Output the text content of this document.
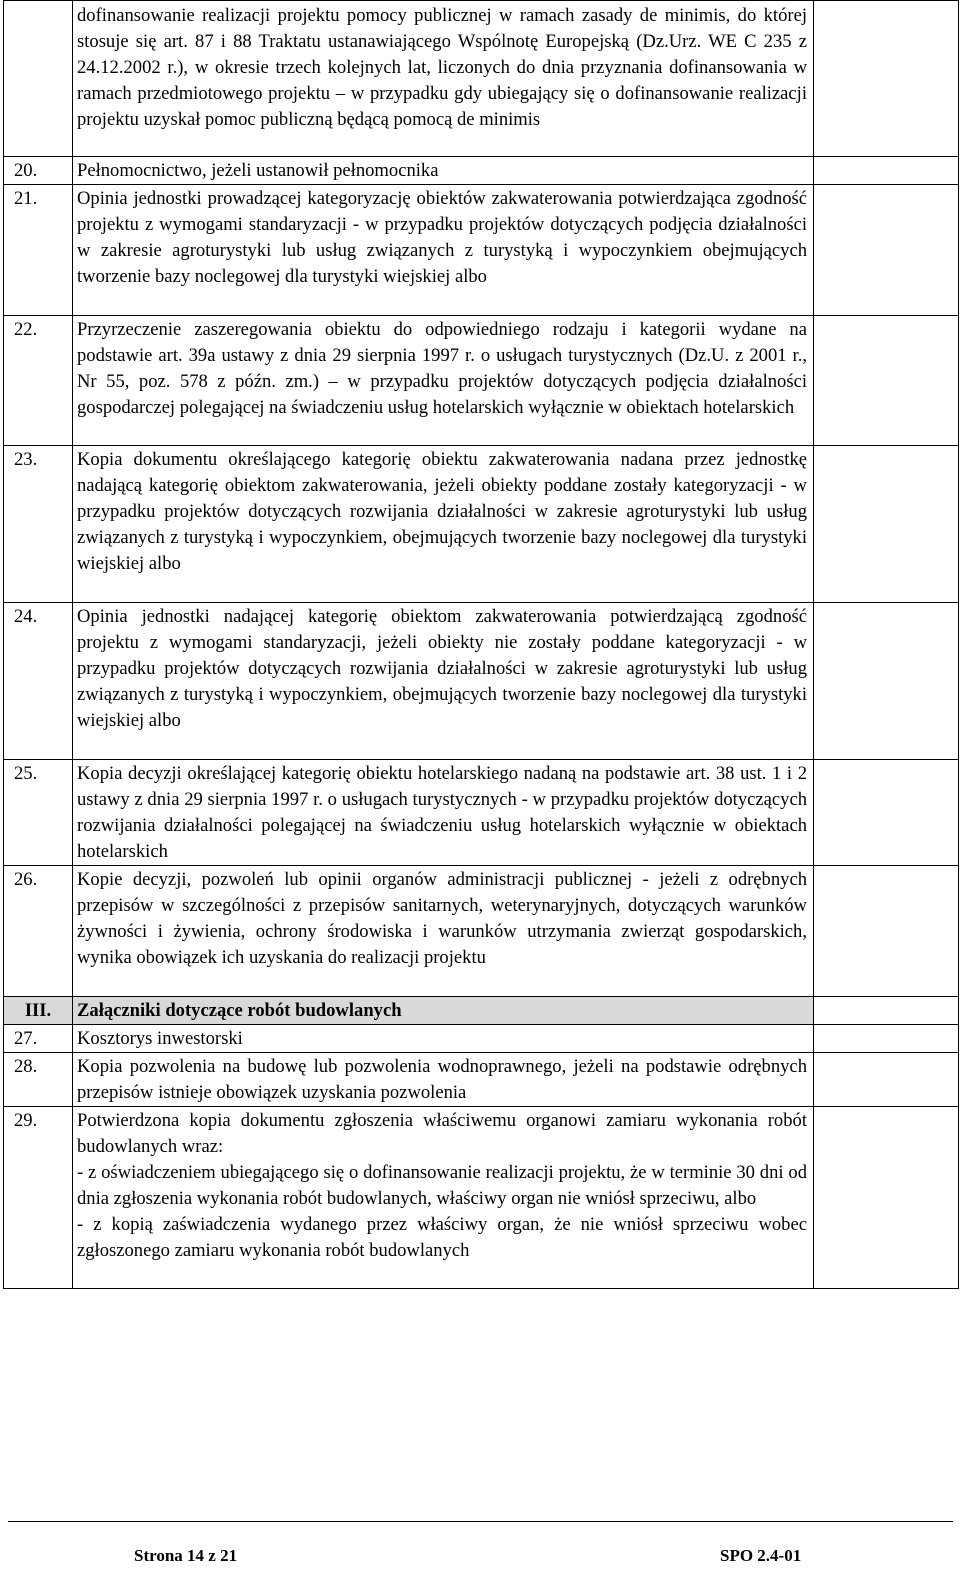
	dofinansowanie realizacji projektu pomocy publicznej w ramach zasady de minimis, do której stosuje się art. 87 i 88 Traktatu ustanawiającego Wspólnotę Europejską (Dz.Urz. WE C 235 z 24.12.2002 r.), w okresie trzech kolejnych lat, liczonych do dnia przyznania dofinansowania w ramach przedmiotowego projektu – w przypadku gdy ubiegający się o dofinansowanie realizacji projektu uzyskał pomoc publiczną będącą pomocą de minimis	
20.	Pełnomocnictwo, jeżeli ustanowił pełnomocnika	
21.	Opinia jednostki prowadzącej kategoryzację obiektów zakwaterowania potwierdzająca zgodność projektu z wymogami standaryzacji - w przypadku projektów dotyczących podjęcia działalności w zakresie agroturystyki lub usług związanych z turystyką i wypoczynkiem obejmujących tworzenie bazy noclegowej dla turystyki wiejskiej albo	
22.	Przyrzeczenie zaszeregowania obiektu do odpowiedniego rodzaju i kategorii wydane na podstawie art. 39a ustawy z dnia 29 sierpnia 1997 r. o usługach turystycznych (Dz.U. z 2001 r., Nr 55, poz. 578 z późn. zm.) – w przypadku projektów dotyczących podjęcia działalności gospodarczej polegającej na świadczeniu usług hotelarskich wyłącznie w obiektach hotelarskich	
23.	Kopia dokumentu określającego kategorię obiektu zakwaterowania nadana przez jednostkę nadającą kategorię obiektom zakwaterowania, jeżeli obiekty poddane zostały kategoryzacji - w przypadku projektów dotyczących rozwijania działalności w zakresie agroturystyki lub usług związanych z turystyką i wypoczynkiem, obejmujących tworzenie bazy noclegowej dla turystyki wiejskiej albo	
24.	Opinia jednostki nadającej kategorię obiektom zakwaterowania potwierdzającą zgodność projektu z wymogami standaryzacji, jeżeli obiekty nie zostały poddane kategoryzacji - w przypadku projektów dotyczących rozwijania działalności w zakresie agroturystyki lub usług związanych z turystyką i wypoczynkiem, obejmujących tworzenie bazy noclegowej dla turystyki wiejskiej albo	
25.	Kopia decyzji określającej kategorię obiektu hotelarskiego nadaną na podstawie art. 38 ust. 1 i 2 ustawy z dnia 29 sierpnia 1997 r. o usługach turystycznych - w przypadku projektów dotyczących rozwijania działalności polegającej na świadczeniu usług hotelarskich wyłącznie w obiektach hotelarskich	
26.	Kopie decyzji, pozwoleń lub opinii organów administracji publicznej - jeżeli z odrębnych przepisów w szczególności z przepisów sanitarnych, weterynaryjnych, dotyczących warunków żywności i żywienia, ochrony środowiska i warunków utrzymania zwierząt gospodarskich, wynika obowiązek ich uzyskania do realizacji projektu	
III.	Załączniki dotyczące robót budowlanych	
27.	Kosztorys inwestorski	
28.	Kopia pozwolenia na budowę lub pozwolenia wodnoprawnego, jeżeli na podstawie odrębnych przepisów istnieje obowiązek uzyskania pozwolenia	
29.	Potwierdzona kopia dokumentu zgłoszenia właściwemu organowi zamiaru wykonania robót budowlanych wraz:
- z oświadczeniem ubiegającego się o dofinansowanie realizacji projektu, że w terminie 30 dni od dnia zgłoszenia wykonania robót budowlanych, właściwy organ nie wniósł sprzeciwu, albo
- z kopią zaświadczenia wydanego przez właściwy organ, że nie wniósł sprzeciwu wobec zgłoszonego zamiaru wykonania robót budowlanych	

Strona 14 z 21	SPO 2.4-01
